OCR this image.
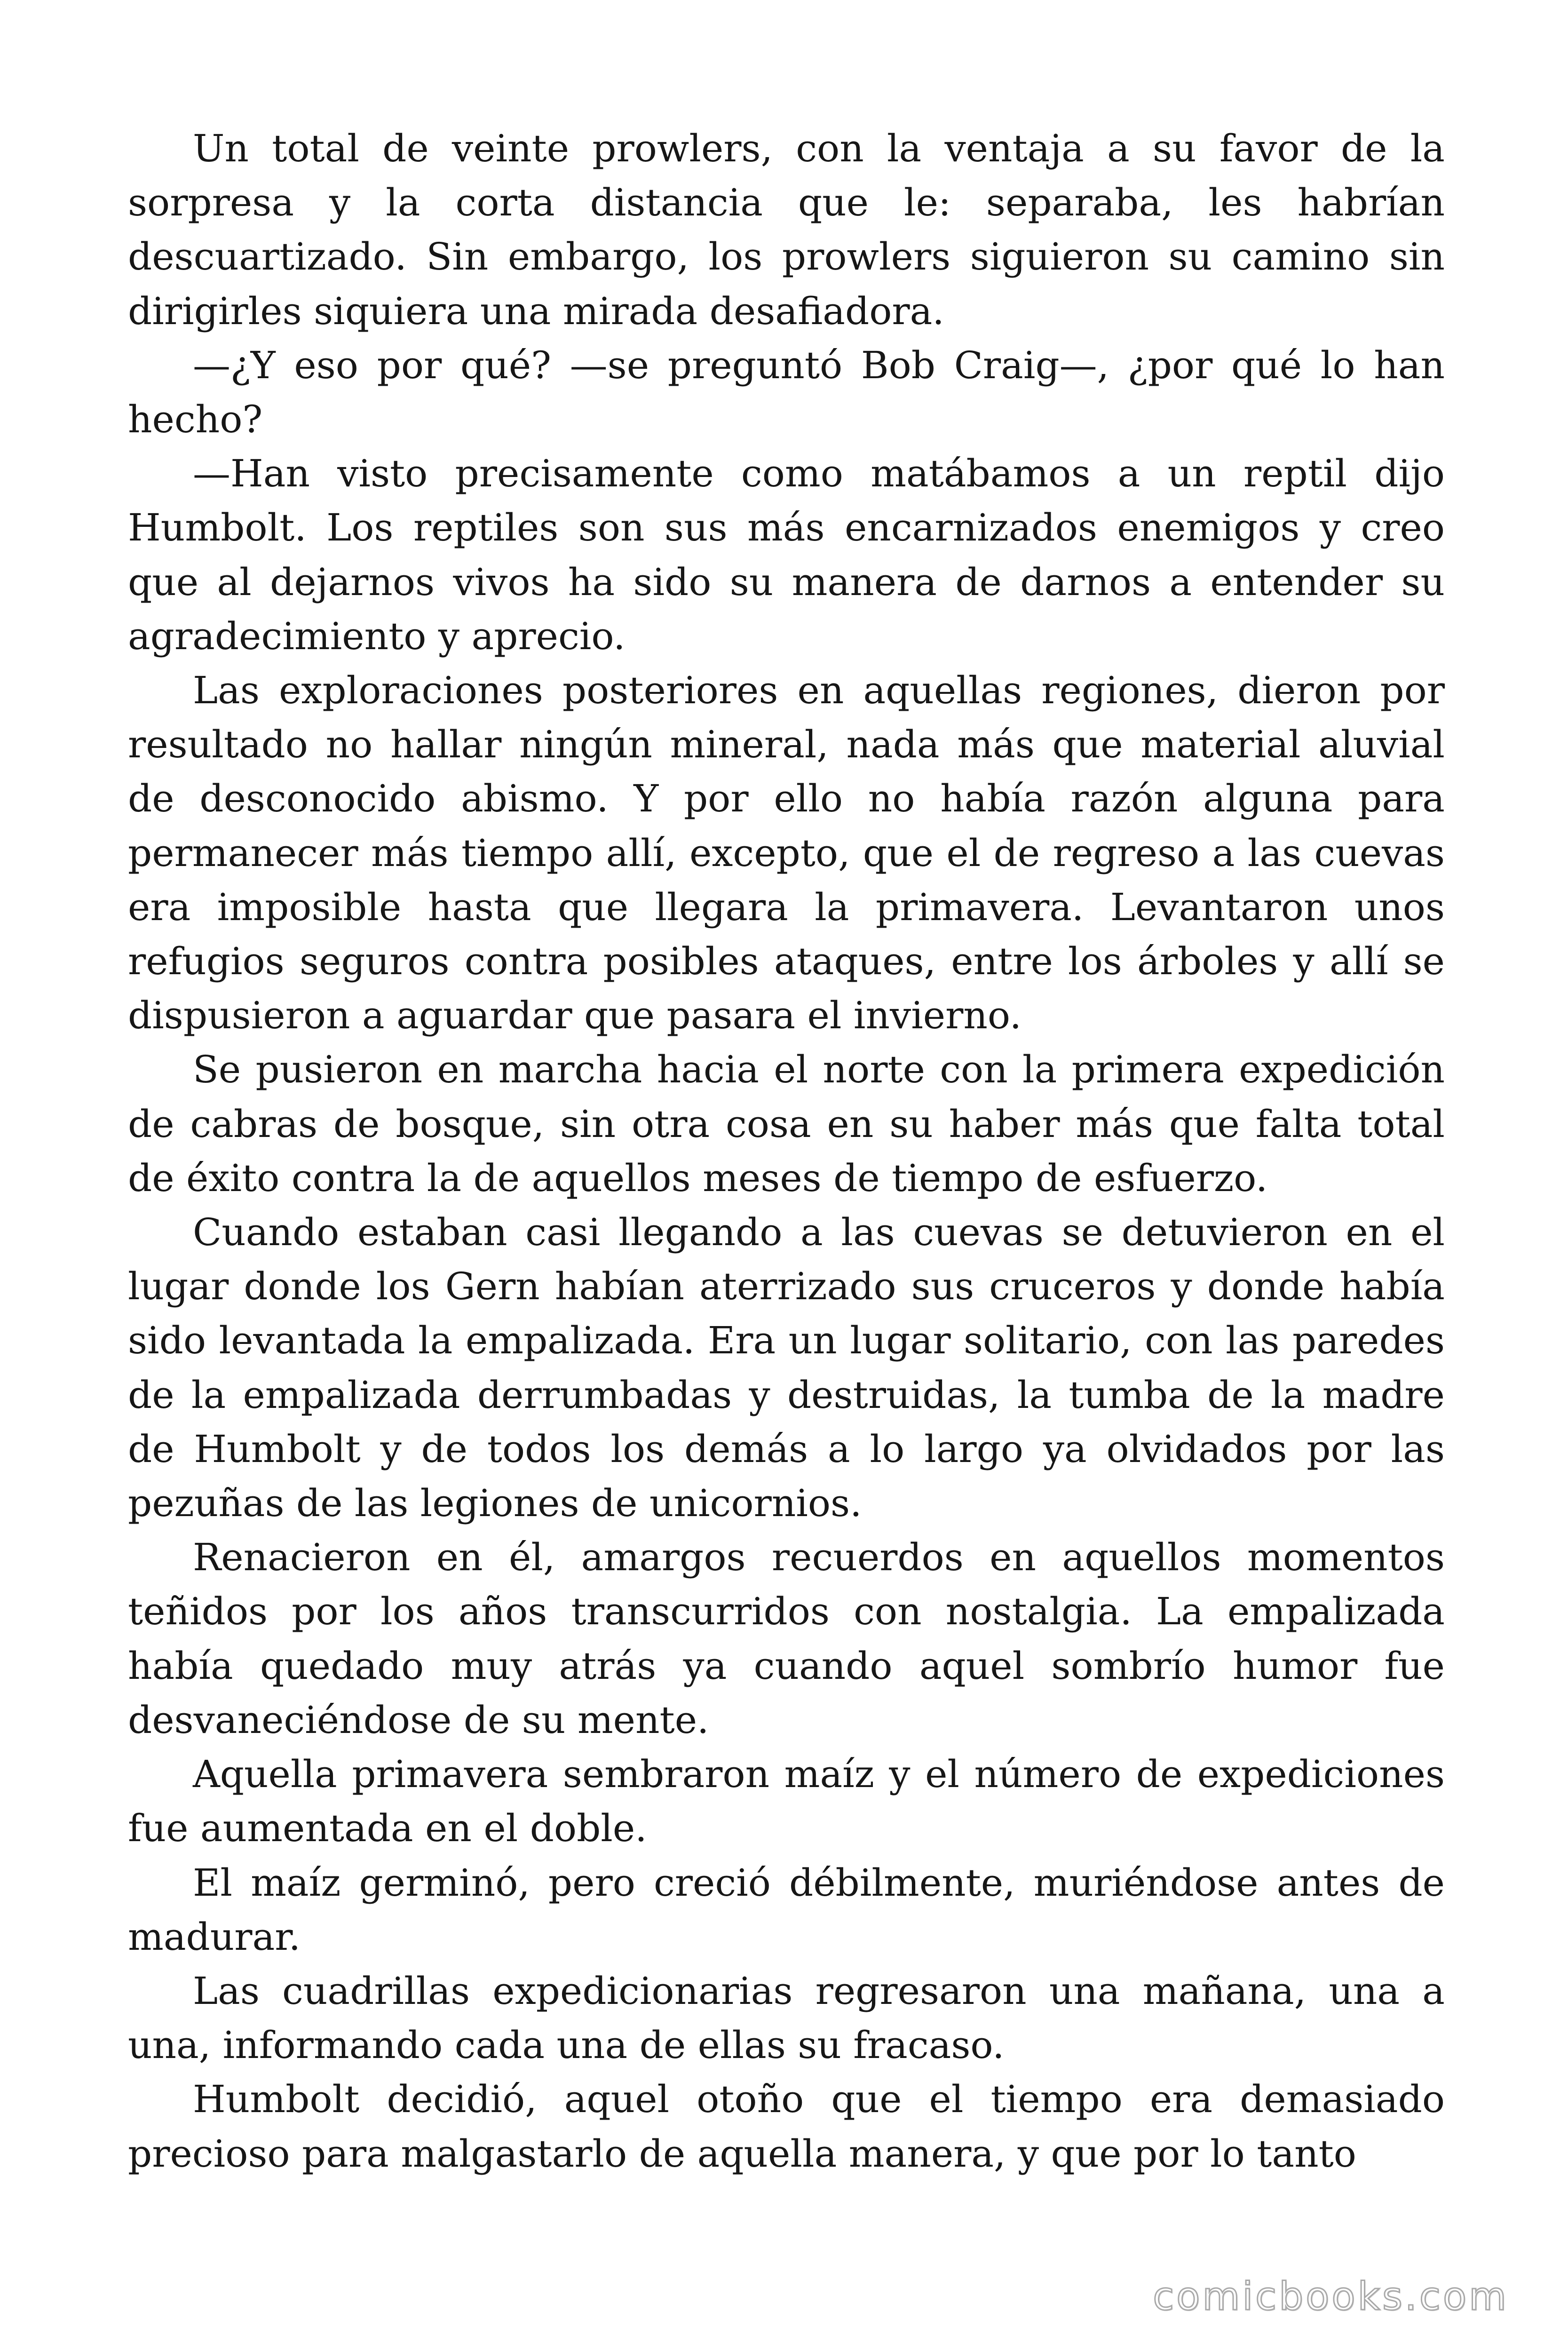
Un total de veinte prowlers, con la ventaja a su favor de la sorpresa y la corta distancia que le: separaba, les habrían descuartizado. Sin embargo, los prowlers siguieron su camino sin dirigirles siquiera una mirada desafiadora.

—¿Y eso por qué? —se preguntó Bob Craig—, ¿por qué lo han hecho?

—Han visto precisamente como matábamos a un reptil dijo Humbolt. Los reptiles son sus más encarnizados enemigos y creo que al dejarnos vivos ha sido su manera de darnos a entender su agradecimiento y aprecio.

Las exploraciones posteriores en aquellas regiones, dieron por resultado no hallar ningún mineral, nada más que material aluvial de desconocido abismo. Y por ello no había razón alguna para permanecer más tiempo allí, excepto, que el de regreso a las cuevas era imposible hasta que llegara la primavera. Levantaron unos refugios seguros contra posibles ataques, entre los árboles y allí se dispusieron a aguardar que pasara el invierno.

Se pusieron en marcha hacia el norte con la primera expedición de cabras de bosque, sin otra cosa en su haber más que falta total de éxito contra la de aquellos meses de tiempo de esfuerzo.

Cuando estaban casi llegando a las cuevas se detuvieron en el lugar donde los Gern habían aterrizado sus cruceros y donde había sido levantada la empalizada. Era un lugar solitario, con las paredes de la empalizada derrumbadas y destruidas, la tumba de la madre de Humbolt y de todos los demás a lo largo ya olvidados por las pezuñas de las legiones de unicornios.

Renacieron en él, amargos recuerdos en aquellos momentos teñidos por los años transcurridos con nostalgia. La empalizada había quedado muy atrás ya cuando aquel sombrío humor fue desvaneciéndose de su mente.

Aquella primavera sembraron maíz y el número de expediciones fue aumentada en el doble.

El maíz germinó, pero creció débilmente, muriéndose antes de madurar.

Las cuadrillas expedicionarias regresaron una mañana, una a una, informando cada una de ellas su fracaso.

Humbolt decidió, aquel otoño que el tiempo era demasiado precioso para malgastarlo de aquella manera, y que por lo tanto

comicbooks.com
